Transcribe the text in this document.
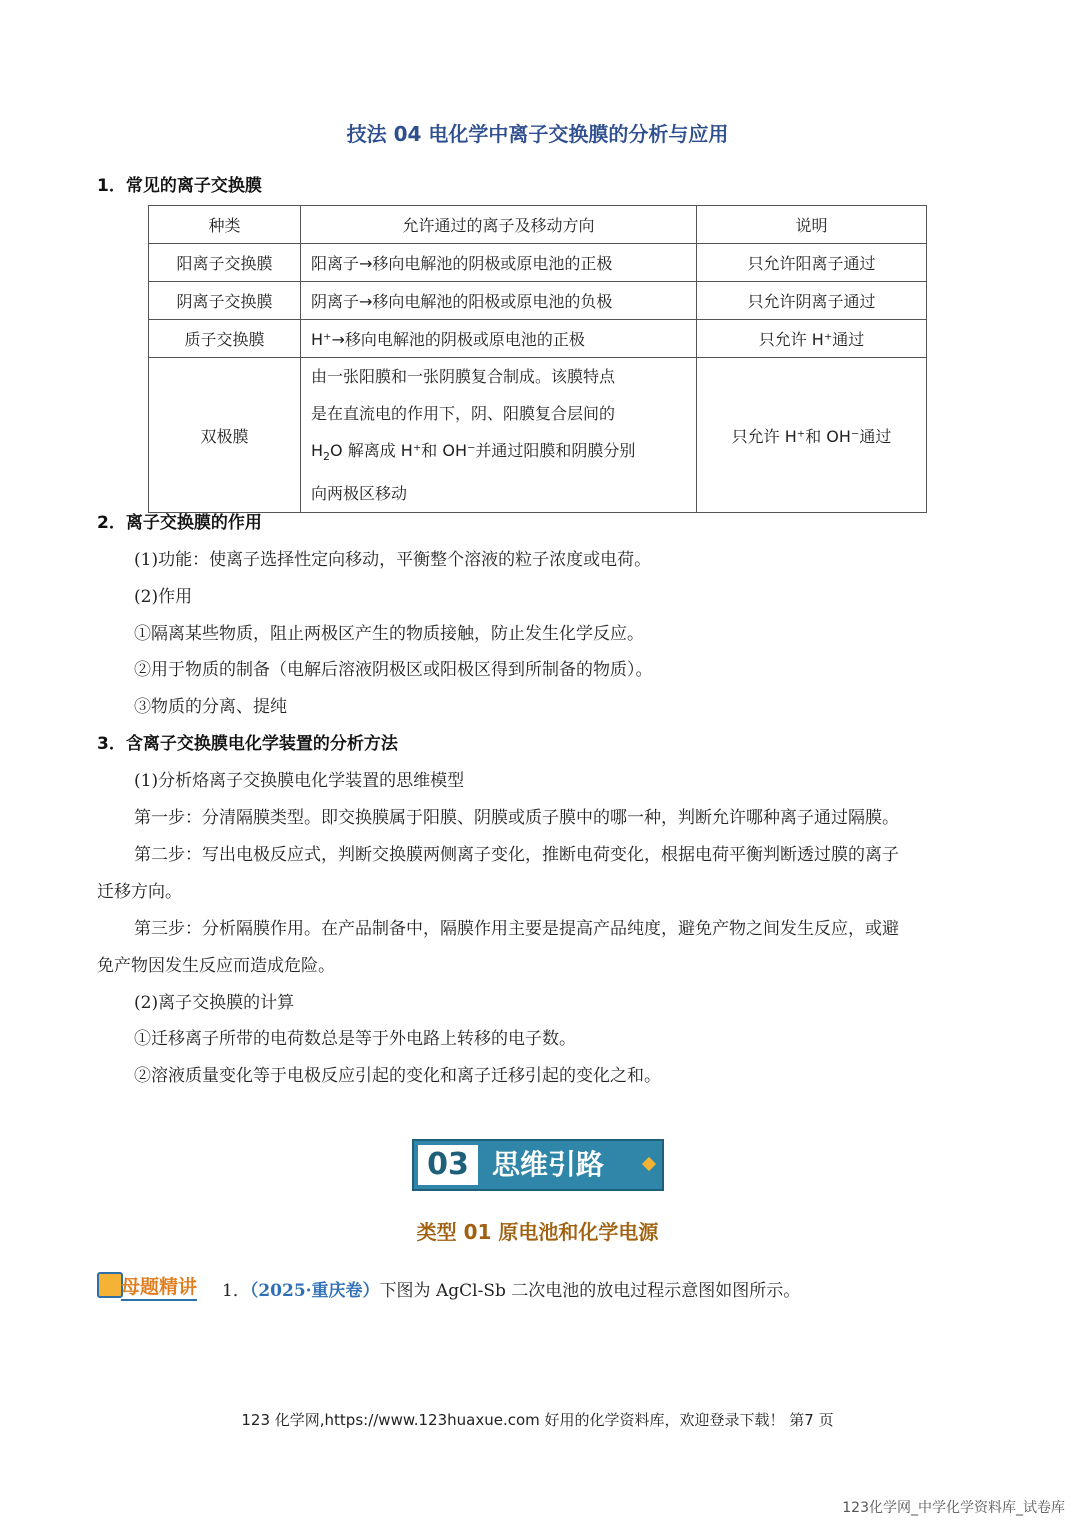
技法 04 电化学中离子交换膜的分析与应用
1．常见的离子交换膜
种类	允许通过的离子及移动方向	说明
阳离子交换膜	阳离子→移向电解池的阴极或原电池的正极	只允许阳离子通过
阴离子交换膜	阴离子→移向电解池的阳极或原电池的负极	只允许阴离子通过
质子交换膜	H⁺→移向电解池的阴极或原电池的正极	只允许 H⁺通过
双极膜	由一张阳膜和一张阴膜复合制成。该膜特点
是在直流电的作用下，阴、阳膜复合层间的
$H_2O$ 解离成 H⁺和 OH⁻并通过阳膜和阴膜分别
向两极区移动	只允许 H⁺和 OH⁻通过
2．离子交换膜的作用
(1)功能：使离子选择性定向移动，平衡整个溶液的粒子浓度或电荷。
(2)作用
①隔离某些物质，阻止两极区产生的物质接触，防止发生化学反应。
②用于物质的制备（电解后溶液阴极区或阳极区得到所制备的物质）。
③物质的分离、提纯
3．含离子交换膜电化学装置的分析方法
(1)分析烙离子交换膜电化学装置的思维模型
第一步：分清隔膜类型。即交换膜属于阳膜、阴膜或质子膜中的哪一种，判断允许哪种离子通过隔膜。
第二步：写出电极反应式，判断交换膜两侧离子变化，推断电荷变化，根据电荷平衡判断透过膜的离子
迁移方向。
第三步：分析隔膜作用。在产品制备中，隔膜作用主要是提高产品纯度，避免产物之间发生反应，或避
免产物因发生反应而造成危险。
(2)离子交换膜的计算
①迁移离子所带的电荷数总是等于外电路上转移的电子数。
②溶液质量变化等于电极反应引起的变化和离子迁移引起的变化之和。
03 思维引路
类型 01 原电池和化学电源
母题精讲 1．（2025·重庆卷）下图为 AgCl-Sb 二次电池的放电过程示意图如图所示。
123 化学网,https://www.123huaxue.com 好用的化学资料库，欢迎登录下载！ 第7 页
123化学网_中学化学资料库_试卷库
